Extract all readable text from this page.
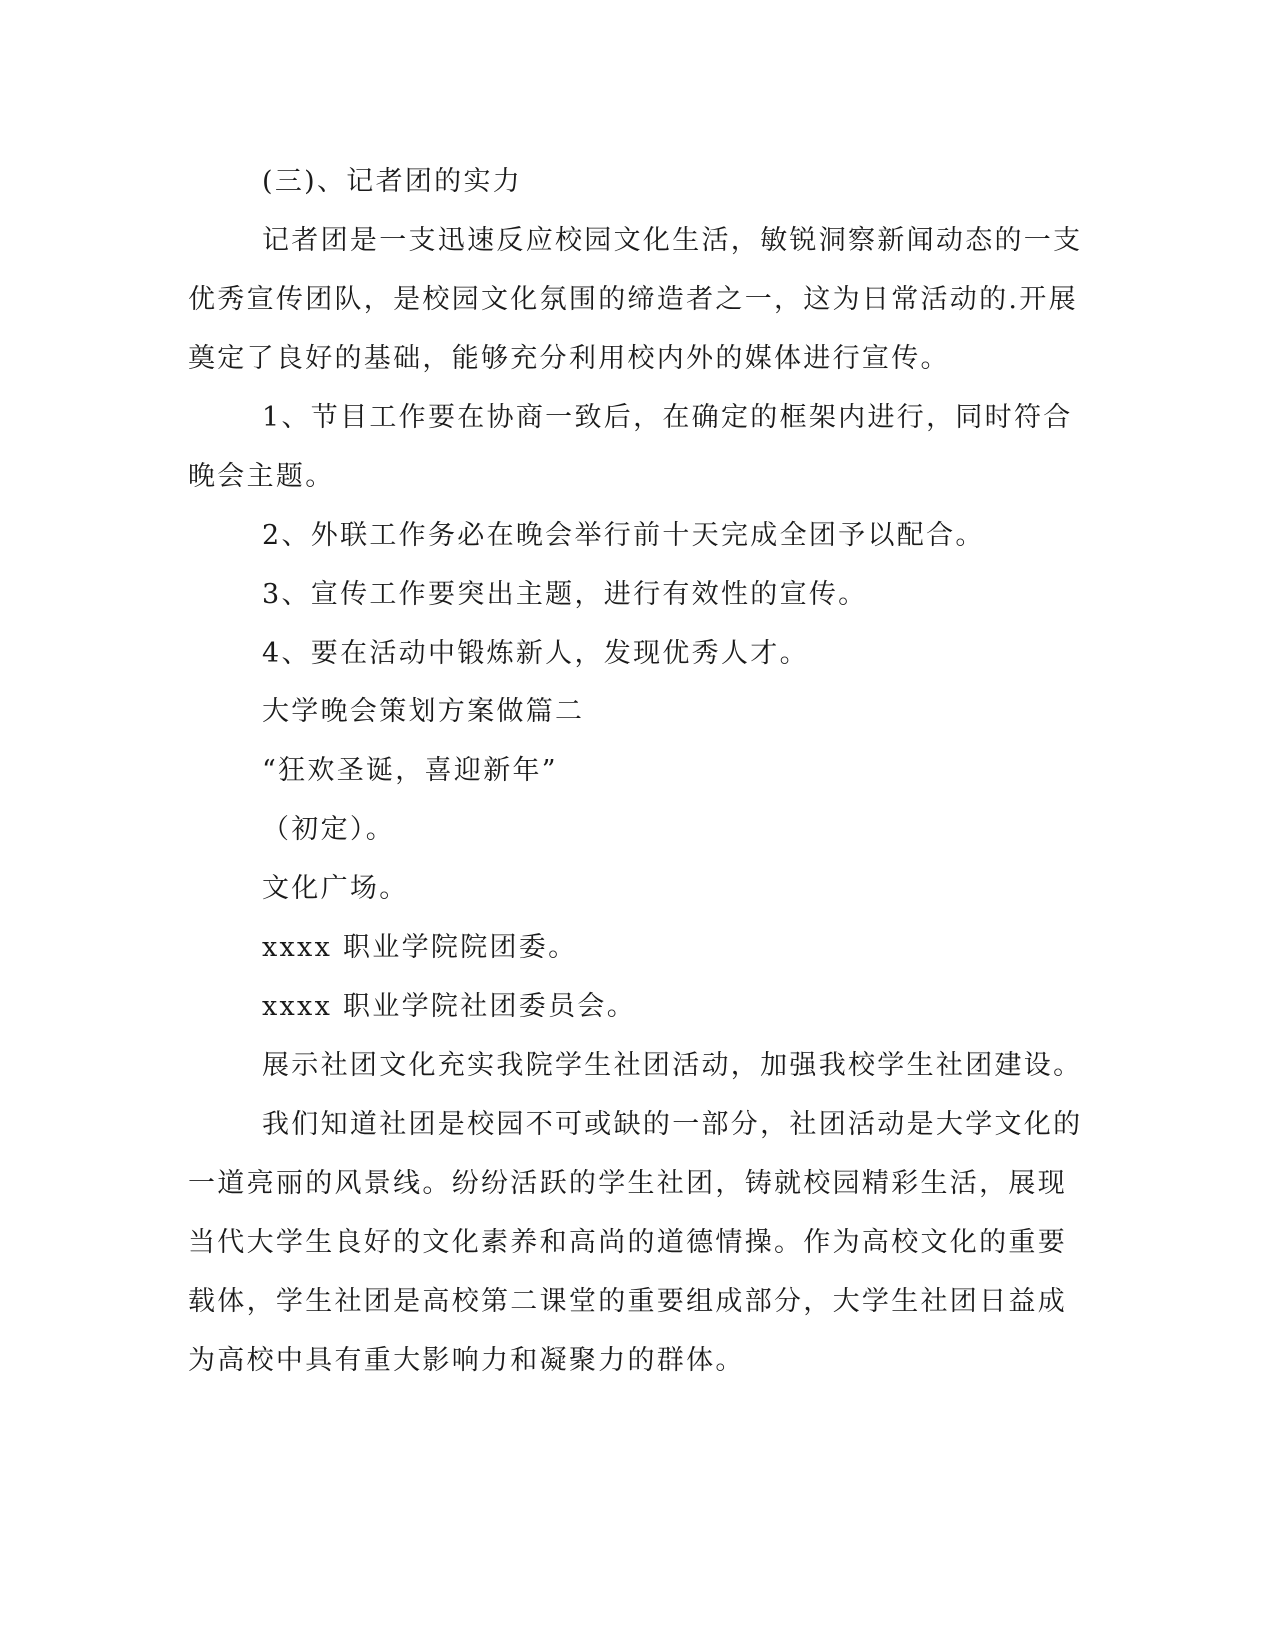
(三)、记者团的实力
记者团是一支迅速反应校园文化生活，敏锐洞察新闻动态的一支
优秀宣传团队，是校园文化氛围的缔造者之一，这为日常活动的.开展
奠定了良好的基础，能够充分利用校内外的媒体进行宣传。
1、节目工作要在协商一致后，在确定的框架内进行，同时符合
晚会主题。
2、外联工作务必在晚会举行前十天完成全团予以配合。
3、宣传工作要突出主题，进行有效性的宣传。
4、要在活动中锻炼新人，发现优秀人才。
大学晚会策划方案做篇二
“狂欢圣诞，喜迎新年”
（初定）。
文化广场。
xxxx 职业学院院团委。
xxxx 职业学院社团委员会。
展示社团文化充实我院学生社团活动，加强我校学生社团建设。
我们知道社团是校园不可或缺的一部分，社团活动是大学文化的
一道亮丽的风景线。纷纷活跃的学生社团，铸就校园精彩生活，展现
当代大学生良好的文化素养和高尚的道德情操。作为高校文化的重要
载体，学生社团是高校第二课堂的重要组成部分，大学生社团日益成
为高校中具有重大影响力和凝聚力的群体。
